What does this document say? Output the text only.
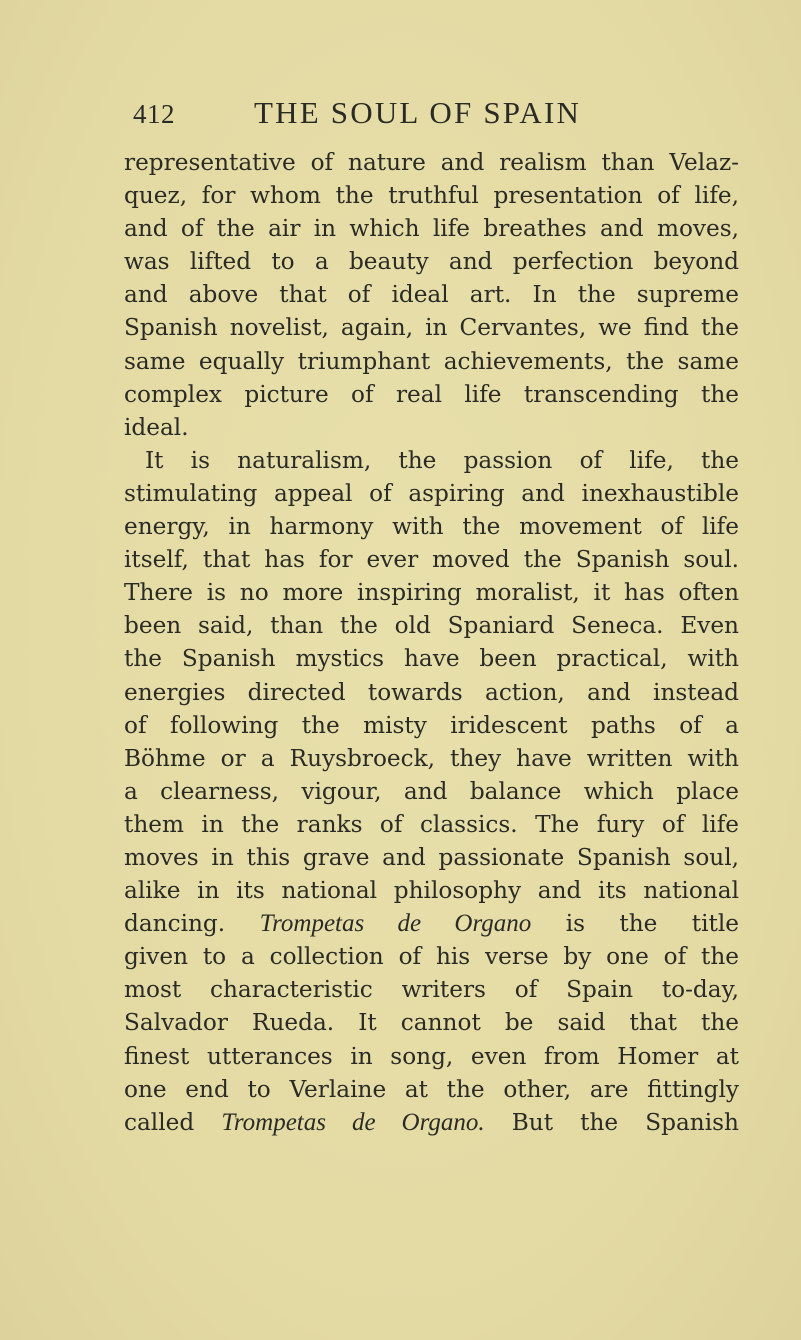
412	THE SOUL OF SPAIN
representative of nature and realism than Velaz-
quez, for whom the truthful presentation of life,
and of the air in which life breathes and moves,
was lifted to a beauty and perfection beyond
and above that of ideal art. In the supreme
Spanish novelist, again, in Cervantes, we find the
same equally triumphant achievements, the same
complex picture of real life transcending the
ideal.
It is naturalism, the passion of life, the
stimulating appeal of aspiring and inexhaustible
energy, in harmony with the movement of life
itself, that has for ever moved the Spanish soul.
There is no more inspiring moralist, it has often
been said, than the old Spaniard Seneca. Even
the Spanish mystics have been practical, with
energies directed towards action, and instead
of following the misty iridescent paths of a
Böhme or a Ruysbroeck, they have written with
a clearness, vigour, and balance which place
them in the ranks of classics. The fury of life
moves in this grave and passionate Spanish soul,
alike in its national philosophy and its national
dancing. Trompetas de Organo is the title
given to a collection of his verse by one of the
most characteristic writers of Spain to-day,
Salvador Rueda. It cannot be said that the
finest utterances in song, even from Homer at
one end to Verlaine at the other, are fittingly
called Trompetas de Organo. But the Spanish
